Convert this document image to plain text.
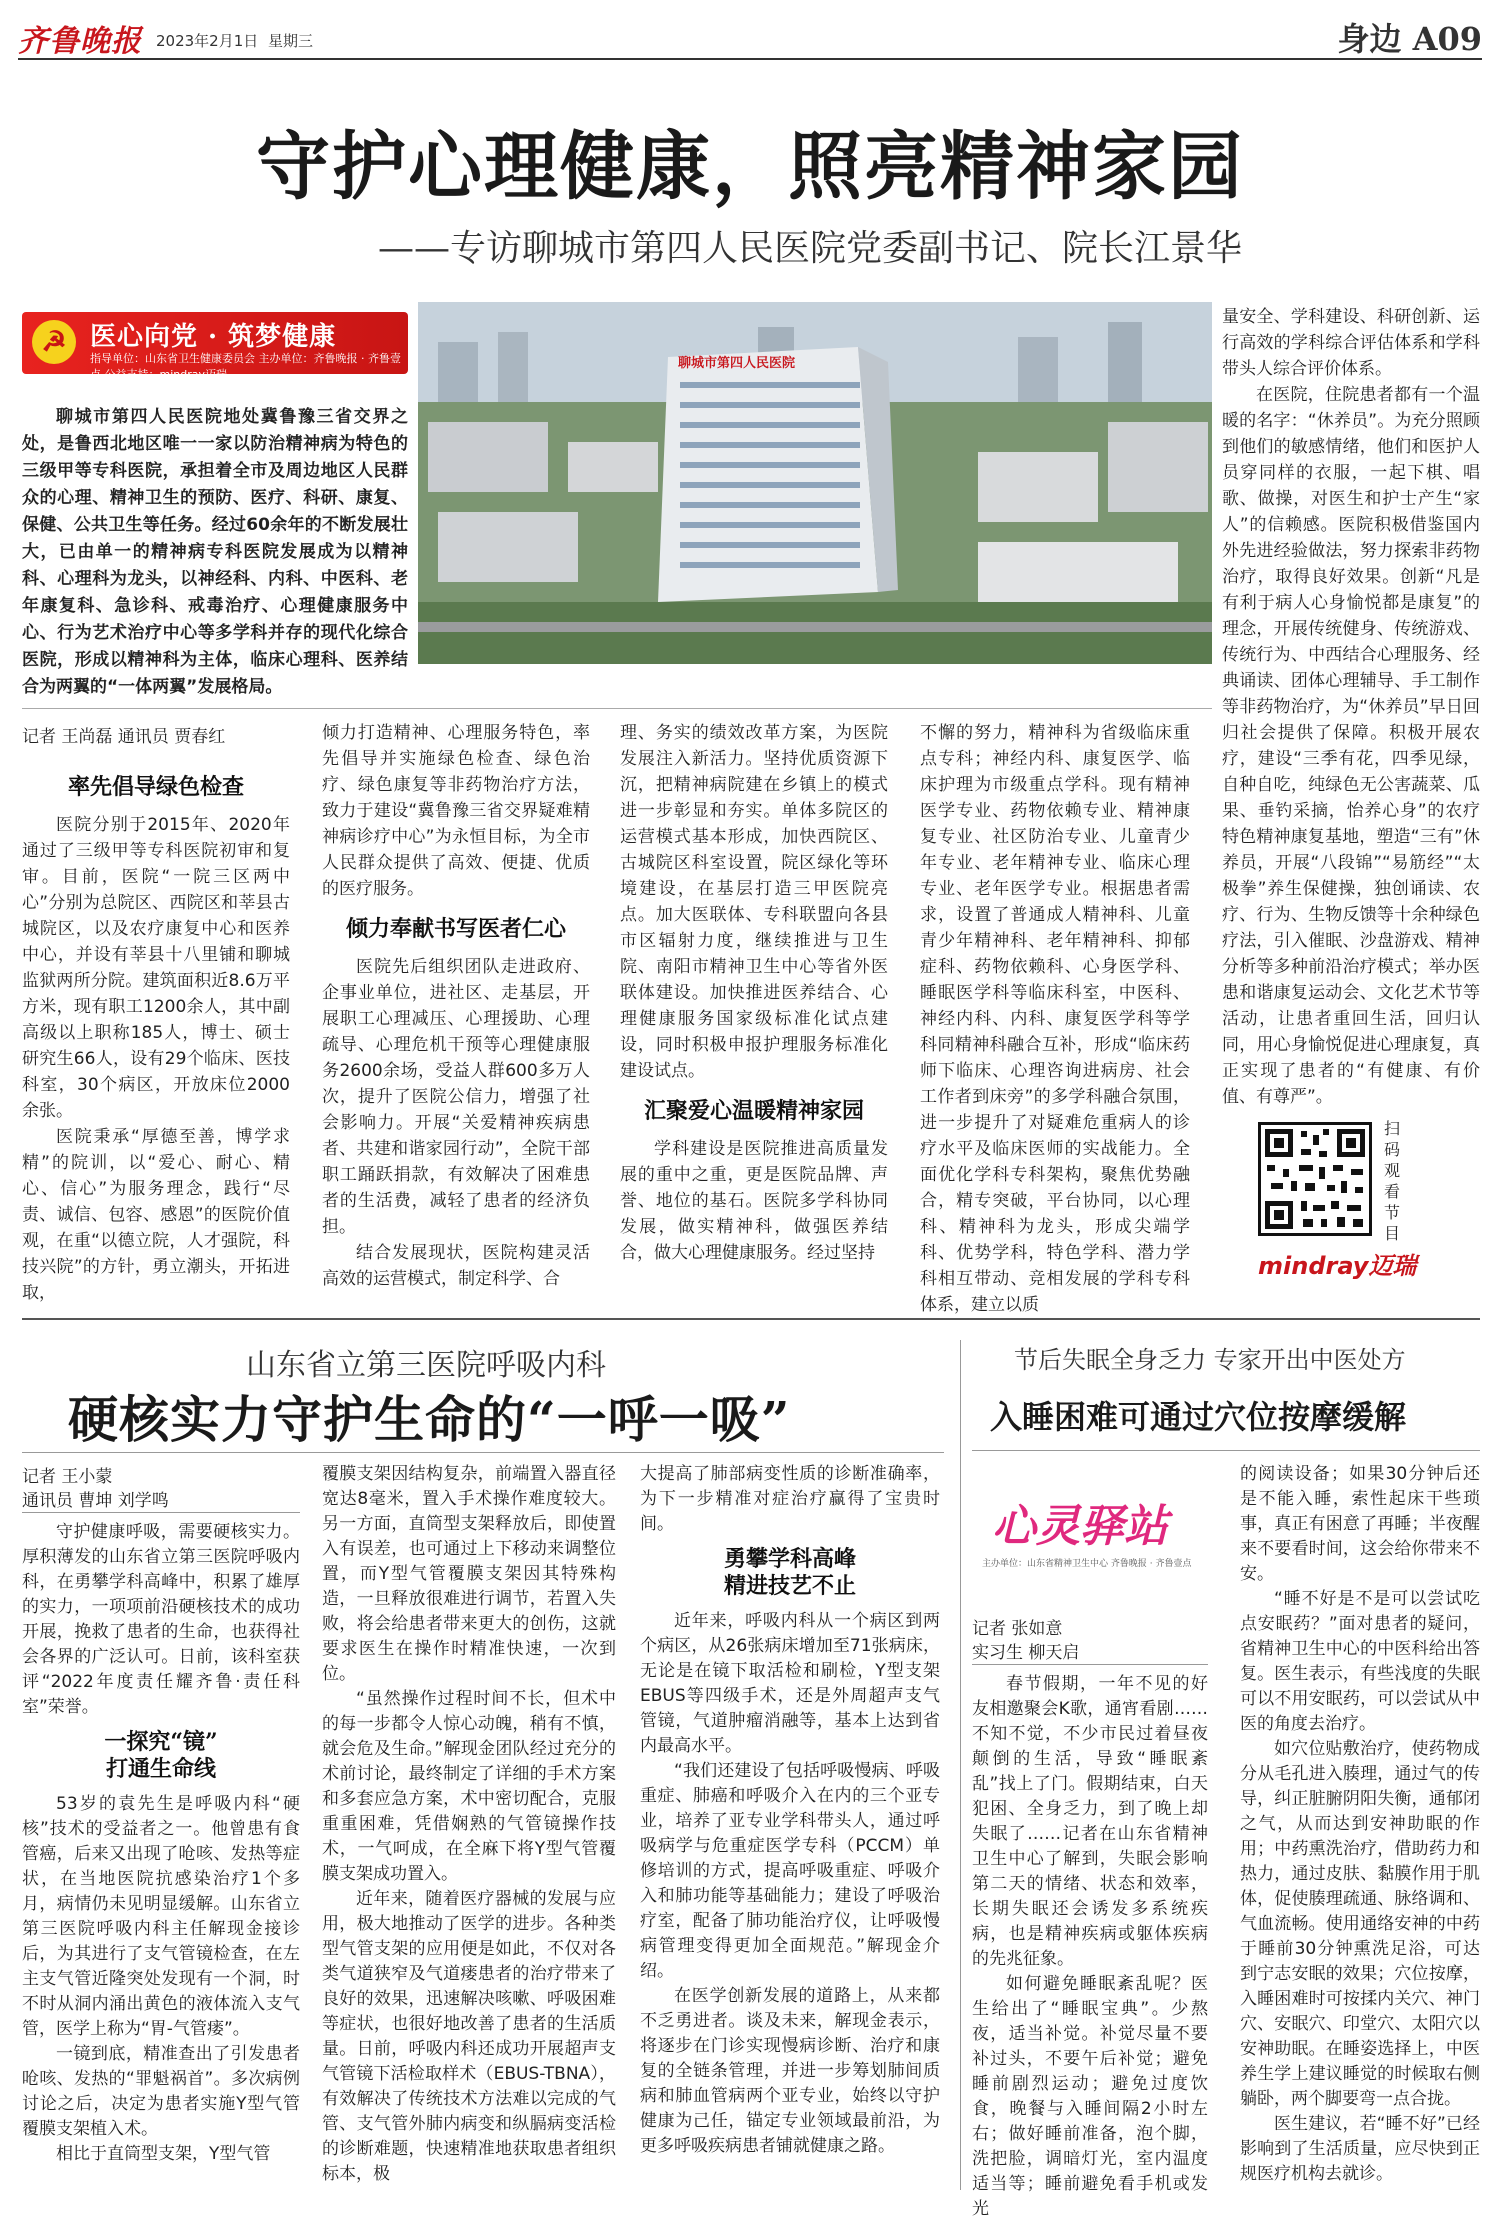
齐鲁晚报 2023年2月1日 星期三	身边 A09
守护心理健康，照亮精神家园
——专访聊城市第四人民医院党委副书记、院长江景华
☭ 医心向党 · 筑梦健康
指导单位：山东省卫生健康委员会 主办单位：齐鲁晚报 · 齐鲁壹点 公益支持：mindray迈瑞
聊城市第四人民医院

聊城市第四人民医院地处冀鲁豫三省交界之处，是鲁西北地区唯一一家以防治精神病为特色的三级甲等专科医院，承担着全市及周边地区人民群众的心理、精神卫生的预防、医疗、科研、康复、保健、公共卫生等任务。经过60余年的不断发展壮大，已由单一的精神病专科医院发展成为以精神科、心理科为龙头，以神经科、内科、中医科、老年康复科、急诊科、戒毒治疗、心理健康服务中心、行为艺术治疗中心等多学科并存的现代化综合医院，形成以精神科为主体，临床心理科、医养结合为两翼的“一体两翼”发展格局。

量安全、学科建设、科研创新、运行高效的学科综合评估体系和学科带头人综合评价体系。

在医院，住院患者都有一个温暖的名字：“休养员”。为充分照顾到他们的敏感情绪，他们和医护人员穿同样的衣服，一起下棋、唱歌、做操，对医生和护士产生“家人”的信赖感。医院积极借鉴国内外先进经验做法，努力探索非药物治疗，取得良好效果。创新“凡是有利于病人心身愉悦都是康复”的理念，开展传统健身、传统游戏、传统行为、中西结合心理服务、经典诵读、团体心理辅导、手工制作等非药物治疗，为“休养员”早日回归社会提供了保障。积极开展农疗，建设“三季有花，四季见绿，自种自吃，纯绿色无公害蔬菜、瓜果、垂钓采摘，怡养心身”的农疗特色精神康复基地，塑造“三有”休养员，开展“八段锦”“易筋经”“太极拳”养生保健操，独创诵读、农疗、行为、生物反馈等十余种绿色疗法，引入催眠、沙盘游戏、精神分析等多种前沿治疗模式；举办医患和谐康复运动会、文化艺术节等活动，让患者重回生活，回归认同，用心身愉悦促进心理康复，真正实现了患者的“有健康、有价值、有尊严”。

记者 王尚磊 通讯员 贾春红
率先倡导绿色检查

医院分别于2015年、2020年通过了三级甲等专科医院初审和复审。目前，医院“一院三区两中心”分别为总院区、西院区和莘县古城院区，以及农疗康复中心和医养中心，并设有莘县十八里铺和聊城监狱两所分院。建筑面积近8.6万平方米，现有职工1200余人，其中副高级以上职称185人，博士、硕士研究生66人，设有29个临床、医技科室，30个病区，开放床位2000余张。

医院秉承“厚德至善，博学求精”的院训，以“爱心、耐心、精心、信心”为服务理念，践行“尽责、诚信、包容、感恩”的医院价值观，在重“以德立院，人才强院，科技兴院”的方针，勇立潮头，开拓进取，

倾力打造精神、心理服务特色，率先倡导并实施绿色检查、绿色治疗、绿色康复等非药物治疗方法，致力于建设“冀鲁豫三省交界疑难精神病诊疗中心”为永恒目标，为全市人民群众提供了高效、便捷、优质的医疗服务。

倾力奉献书写医者仁心

医院先后组织团队走进政府、企事业单位，进社区、走基层，开展职工心理减压、心理援助、心理疏导、心理危机干预等心理健康服务2600余场，受益人群600多万人次，提升了医院公信力，增强了社会影响力。开展“关爱精神疾病患者、共建和谐家园行动”，全院干部职工踊跃捐款，有效解决了困难患者的生活费，减轻了患者的经济负担。

结合发展现状，医院构建灵活高效的运营模式，制定科学、合

理、务实的绩效改革方案，为医院发展注入新活力。坚持优质资源下沉，把精神病院建在乡镇上的模式进一步彰显和夯实。单体多院区的运营模式基本形成，加快西院区、古城院区科室设置，院区绿化等环境建设，在基层打造三甲医院亮点。加大医联体、专科联盟向各县市区辐射力度，继续推进与卫生院、南阳市精神卫生中心等省外医联体建设。加快推进医养结合、心理健康服务国家级标准化试点建设，同时积极申报护理服务标准化建设试点。

汇聚爱心温暖精神家园

学科建设是医院推进高质量发展的重中之重，更是医院品牌、声誉、地位的基石。医院多学科协同发展，做实精神科，做强医养结合，做大心理健康服务。经过坚持

不懈的努力，精神科为省级临床重点专科；神经内科、康复医学、临床护理为市级重点学科。现有精神医学专业、药物依赖专业、精神康复专业、社区防治专业、儿童青少年专业、老年精神专业、临床心理专业、老年医学专业。根据患者需求，设置了普通成人精神科、儿童青少年精神科、老年精神科、抑郁症科、药物依赖科、心身医学科、睡眠医学科等临床科室，中医科、神经内科、内科、康复医学科等学科同精神科融合互补，形成“临床药师下临床、心理咨询进病房、社会工作者到床旁”的多学科融合氛围，进一步提升了对疑难危重病人的诊疗水平及临床医师的实战能力。全面优化学科专科架构，聚焦优势融合，精专突破，平台协同，以心理科、精神科为龙头，形成尖端学科、优势学科，特色学科、潜力学科相互带动、竞相发展的学科专科体系，建立以质

扫码观看节目
mindray迈瑞
山东省立第三医院呼吸内科
硬核实力守护生命的“一呼一吸”
记者 王小蒙
通讯员 曹坤 刘学鸣

守护健康呼吸，需要硬核实力。厚积薄发的山东省立第三医院呼吸内科，在勇攀学科高峰中，积累了雄厚的实力，一项项前沿硬核技术的成功开展，挽救了患者的生命，也获得社会各界的广泛认可。日前，该科室获评“2022年度责任耀齐鲁·责任科室”荣誉。

一探究“镜”
打通生命线

53岁的袁先生是呼吸内科“硬核”技术的受益者之一。他曾患有食管癌，后来又出现了呛咳、发热等症状，在当地医院抗感染治疗1个多月，病情仍未见明显缓解。山东省立第三医院呼吸内科主任解现金接诊后，为其进行了支气管镜检查，在左主支气管近隆突处发现有一个洞，时不时从洞内涌出黄色的液体流入支气管，医学上称为“胃-气管瘘”。

一镜到底，精准查出了引发患者呛咳、发热的“罪魁祸首”。多次病例讨论之后，决定为患者实施Y型气管覆膜支架植入术。

相比于直筒型支架，Y型气管

覆膜支架因结构复杂，前端置入器直径宽达8毫米，置入手术操作难度较大。另一方面，直筒型支架释放后，即使置入有误差，也可通过上下移动来调整位置，而Y型气管覆膜支架因其特殊构造，一旦释放很难进行调节，若置入失败，将会给患者带来更大的创伤，这就要求医生在操作时精准快速，一次到位。

“虽然操作过程时间不长，但术中的每一步都令人惊心动魄，稍有不慎，就会危及生命。”解现金团队经过充分的术前讨论，最终制定了详细的手术方案和多套应急方案，术中密切配合，克服重重困难，凭借娴熟的气管镜操作技术，一气呵成，在全麻下将Y型气管覆膜支架成功置入。

近年来，随着医疗器械的发展与应用，极大地推动了医学的进步。各种类型气管支架的应用便是如此，不仅对各类气道狭窄及气道瘘患者的治疗带来了良好的效果，迅速解决咳嗽、呼吸困难等症状，也很好地改善了患者的生活质量。日前，呼吸内科还成功开展超声支气管镜下活检取样术（EBUS-TBNA），有效解决了传统技术方法难以完成的气管、支气管外肺内病变和纵膈病变活检的诊断难题，快速精准地获取患者组织标本，极

大提高了肺部病变性质的诊断准确率，为下一步精准对症治疗赢得了宝贵时间。

勇攀学科高峰
精进技艺不止

近年来，呼吸内科从一个病区到两个病区，从26张病床增加至71张病床，无论是在镜下取活检和刷检，Y型支架EBUS等四级手术，还是外周超声支气管镜，气道肿瘤消融等，基本上达到省内最高水平。

“我们还建设了包括呼吸慢病、呼吸重症、肺癌和呼吸介入在内的三个亚专业，培养了亚专业学科带头人，通过呼吸病学与危重症医学专科（PCCM）单修培训的方式，提高呼吸重症、呼吸介入和肺功能等基础能力；建设了呼吸治疗室，配备了肺功能治疗仪，让呼吸慢病管理变得更加全面规范。”解现金介绍。

在医学创新发展的道路上，从来都不乏勇进者。谈及未来，解现金表示，将逐步在门诊实现慢病诊断、治疗和康复的全链条管理，并进一步筹划肺间质病和肺血管病两个亚专业，始终以守护健康为己任，锚定专业领域最前沿，为更多呼吸疾病患者铺就健康之路。

节后失眠全身乏力 专家开出中医处方
入睡困难可通过穴位按摩缓解
心灵驿站
主办单位：山东省精神卫生中心 齐鲁晚报 · 齐鲁壹点
记者 张如意
实习生 柳天启

春节假期，一年不见的好友相邀聚会K歌，通宵看剧……不知不觉，不少市民过着昼夜颠倒的生活，导致“睡眠紊乱”找上了门。假期结束，白天犯困、全身乏力，到了晚上却失眠了……记者在山东省精神卫生中心了解到，失眠会影响第二天的情绪、状态和效率，长期失眠还会诱发多系统疾病，也是精神疾病或躯体疾病的先兆征象。

如何避免睡眠紊乱呢？医生给出了“睡眠宝典”。少熬夜，适当补觉。补觉尽量不要补过头，不要午后补觉；避免睡前剧烈运动；避免过度饮食，晚餐与入睡间隔2小时左右；做好睡前准备，泡个脚，洗把脸，调暗灯光，室内温度适当等；睡前避免看手机或发光

的阅读设备；如果30分钟后还是不能入睡，索性起床干些琐事，真正有困意了再睡；半夜醒来不要看时间，这会给你带来不安。

“睡不好是不是可以尝试吃点安眠药？”面对患者的疑问，省精神卫生中心的中医科给出答复。医生表示，有些浅度的失眠可以不用安眠药，可以尝试从中医的角度去治疗。

如穴位贴敷治疗，使药物成分从毛孔进入腠理，通过气的传导，纠正脏腑阴阳失衡，通郁闭之气，从而达到安神助眠的作用；中药熏洗治疗，借助药力和热力，通过皮肤、黏膜作用于肌体，促使腠理疏通、脉络调和、气血流畅。使用通络安神的中药于睡前30分钟熏洗足浴，可达到宁志安眠的效果；穴位按摩，入睡困难时可按揉内关穴、神门穴、安眠穴、印堂穴、太阳穴以安神助眠。在睡姿选择上，中医养生学上建议睡觉的时候取右侧躺卧，两个脚要弯一点合拢。

医生建议，若“睡不好”已经影响到了生活质量，应尽快到正规医疗机构去就诊。
